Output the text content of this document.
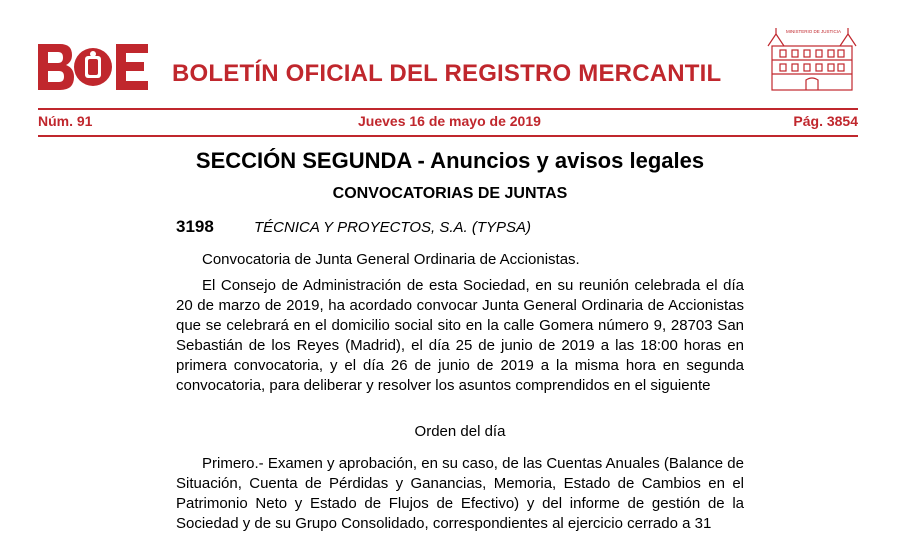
BOLETÍN OFICIAL DEL REGISTRO MERCANTIL
MINISTERIO DE JUSTICIA
Núm. 91	Jueves 16 de mayo de 2019	Pág. 3854
SECCIÓN SEGUNDA - Anuncios y avisos legales
CONVOCATORIAS DE JUNTAS
3198	TÉCNICA Y PROYECTOS, S.A. (TYPSA)
Convocatoria de Junta General Ordinaria de Accionistas.
El Consejo de Administración de esta Sociedad, en su reunión celebrada el día 20 de marzo de 2019, ha acordado convocar Junta General Ordinaria de Accionistas que se celebrará en el domicilio social sito en la calle Gomera número 9, 28703 San Sebastián de los Reyes (Madrid), el día 25 de junio de 2019 a las 18:00 horas en primera convocatoria, y el día 26 de junio de 2019 a la misma hora en segunda convocatoria, para deliberar y resolver los asuntos comprendidos en el siguiente
Orden del día
Primero.- Examen y aprobación, en su caso, de las Cuentas Anuales (Balance de Situación, Cuenta de Pérdidas y Ganancias, Memoria, Estado de Cambios en el Patrimonio Neto y Estado de Flujos de Efectivo) y del informe de gestión de la Sociedad y de su Grupo Consolidado, correspondientes al ejercicio cerrado a 31
